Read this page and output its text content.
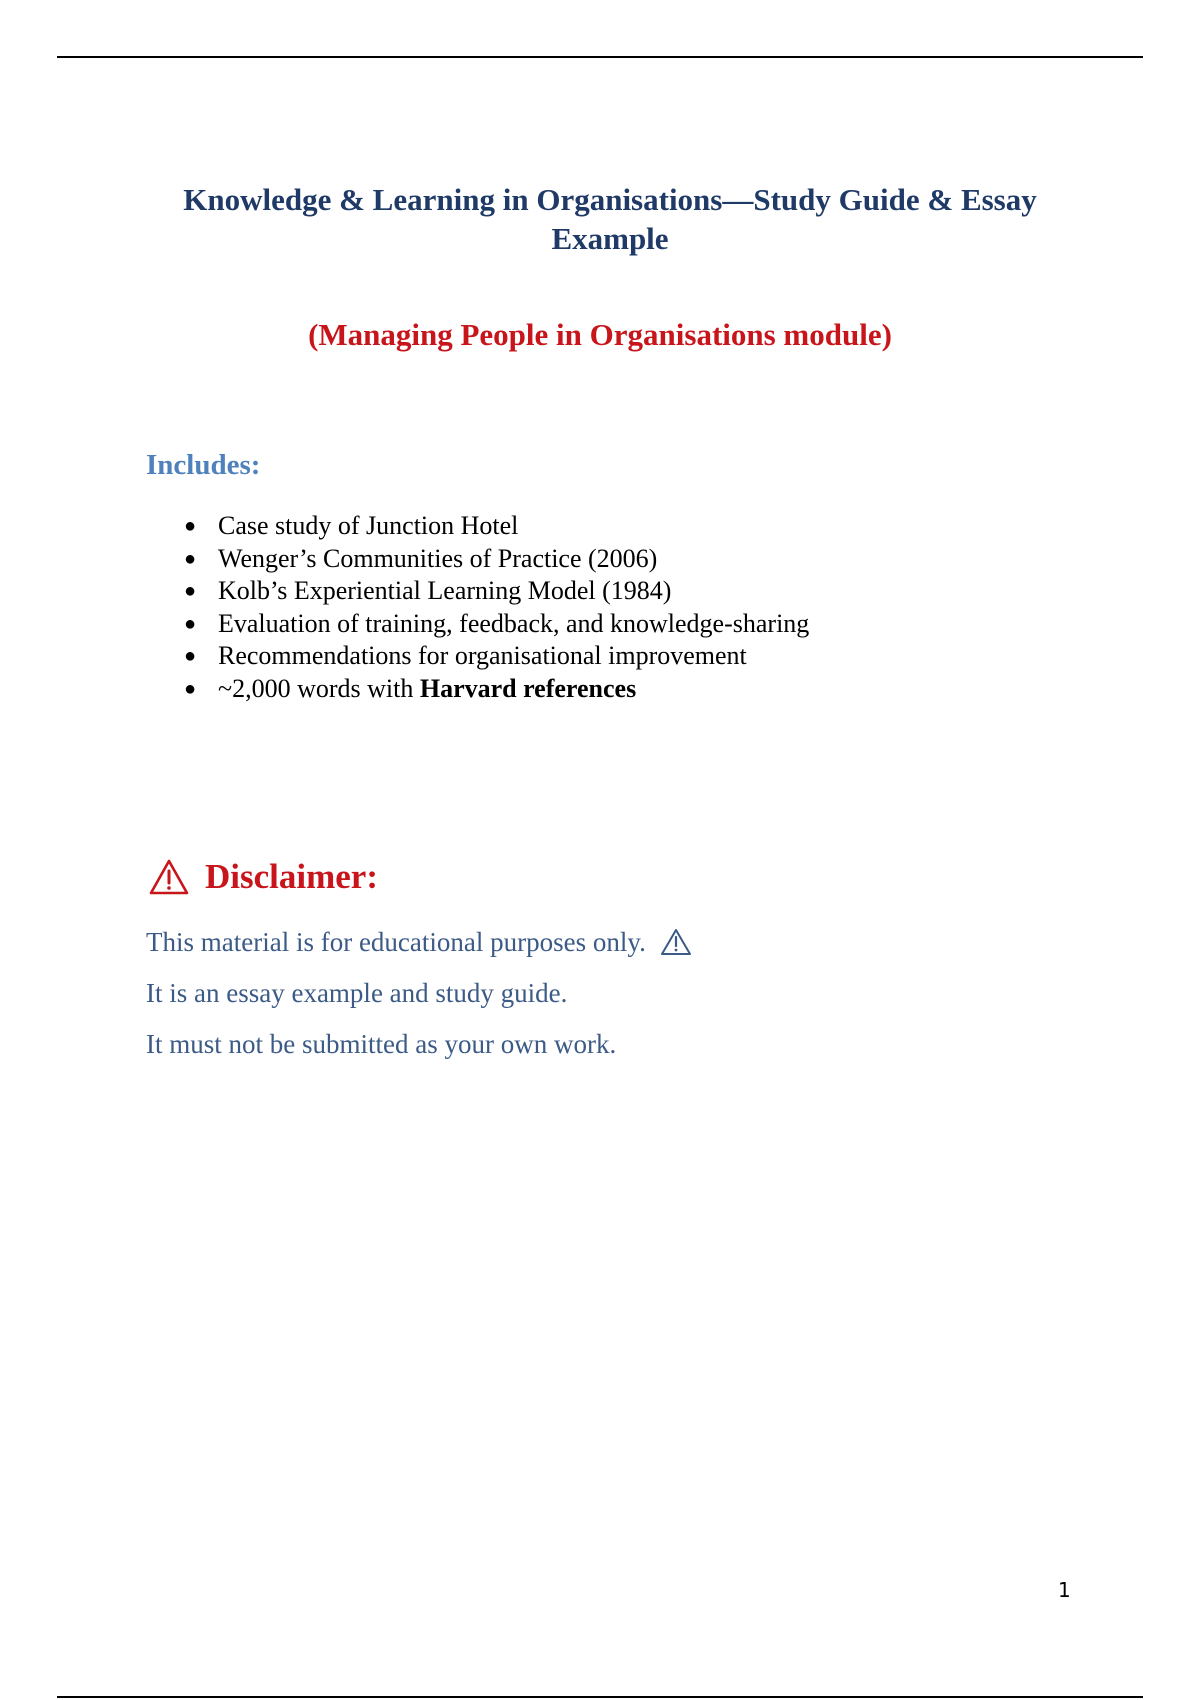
Knowledge & Learning in Organisations—Study Guide & Essay Example
(Managing People in Organisations module)
Includes:
● Case study of Junction Hotel
● Wenger’s Communities of Practice (2006)
● Kolb’s Experiential Learning Model (1984)
● Evaluation of training, feedback, and knowledge-sharing
● Recommendations for organisational improvement
● ~2,000 words with Harvard references
Disclaimer:

This material is for educational purposes only.

It is an essay example and study guide.

It must not be submitted as your own work.

1
